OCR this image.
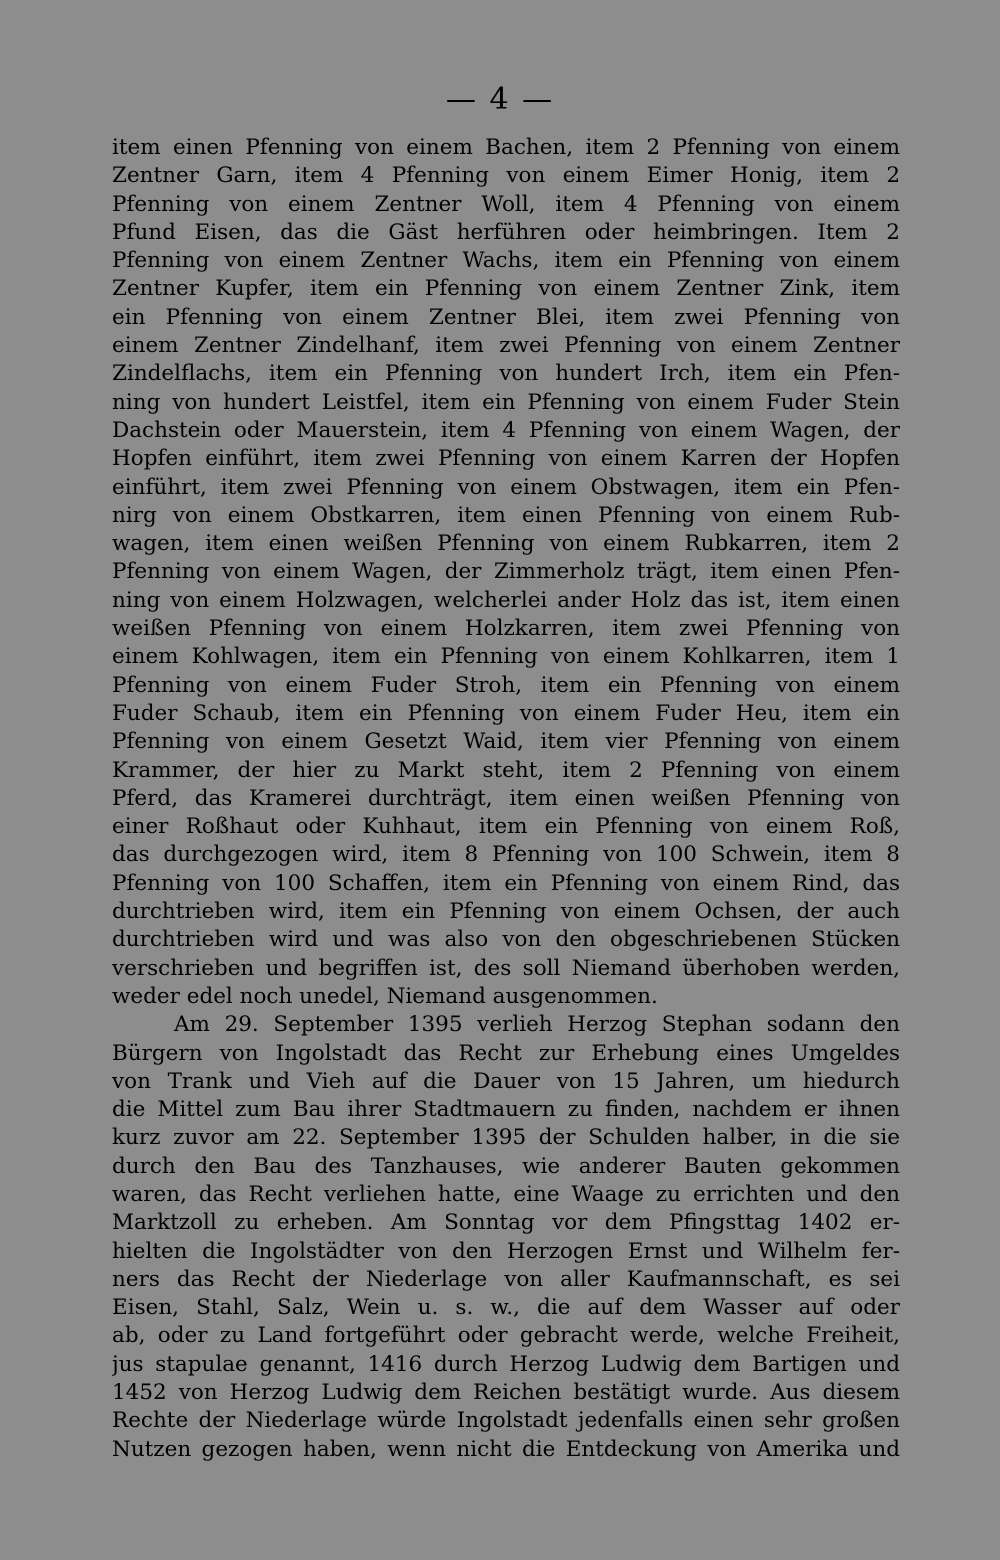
— 4 —
item einen Pfenning von einem Bachen, item 2 Pfenning von einem
Zentner Garn, item 4 Pfenning von einem Eimer Honig, item 2
Pfenning von einem Zentner Woll, item 4 Pfenning von einem
Pfund Eisen, das die Gäst herführen oder heimbringen. Item 2
Pfenning von einem Zentner Wachs, item ein Pfenning von einem
Zentner Kupfer, item ein Pfenning von einem Zentner Zink, item
ein Pfenning von einem Zentner Blei, item zwei Pfenning von
einem Zentner Zindelhanf, item zwei Pfenning von einem Zentner
Zindelflachs, item ein Pfenning von hundert Irch, item ein Pfen-
ning von hundert Leistfel, item ein Pfenning von einem Fuder Stein
Dachstein oder Mauerstein, item 4 Pfenning von einem Wagen, der
Hopfen einführt, item zwei Pfenning von einem Karren der Hopfen
einführt, item zwei Pfenning von einem Obstwagen, item ein Pfen-
nirg von einem Obstkarren, item einen Pfenning von einem Rub-
wagen, item einen weißen Pfenning von einem Rubkarren, item 2
Pfenning von einem Wagen, der Zimmerholz trägt, item einen Pfen-
ning von einem Holzwagen, welcherlei ander Holz das ist, item einen
weißen Pfenning von einem Holzkarren, item zwei Pfenning von
einem Kohlwagen, item ein Pfenning von einem Kohlkarren, item 1
Pfenning von einem Fuder Stroh, item ein Pfenning von einem
Fuder Schaub, item ein Pfenning von einem Fuder Heu, item ein
Pfenning von einem Gesetzt Waid, item vier Pfenning von einem
Krammer, der hier zu Markt steht, item 2 Pfenning von einem
Pferd, das Kramerei durchträgt, item einen weißen Pfenning von
einer Roßhaut oder Kuhhaut, item ein Pfenning von einem Roß,
das durchgezogen wird, item 8 Pfenning von 100 Schwein, item 8
Pfenning von 100 Schaffen, item ein Pfenning von einem Rind, das
durchtrieben wird, item ein Pfenning von einem Ochsen, der auch
durchtrieben wird und was also von den obgeschriebenen Stücken
verschrieben und begriffen ist, des soll Niemand überhoben werden,
weder edel noch unedel, Niemand ausgenommen.
Am 29. September 1395 verlieh Herzog Stephan sodann den
Bürgern von Ingolstadt das Recht zur Erhebung eines Umgeldes
von Trank und Vieh auf die Dauer von 15 Jahren, um hiedurch
die Mittel zum Bau ihrer Stadtmauern zu finden, nachdem er ihnen
kurz zuvor am 22. September 1395 der Schulden halber, in die sie
durch den Bau des Tanzhauses, wie anderer Bauten gekommen
waren, das Recht verliehen hatte, eine Waage zu errichten und den
Marktzoll zu erheben. Am Sonntag vor dem Pfingsttag 1402 er-
hielten die Ingolstädter von den Herzogen Ernst und Wilhelm fer-
ners das Recht der Niederlage von aller Kaufmannschaft, es sei
Eisen, Stahl, Salz, Wein u. s. w., die auf dem Wasser auf oder
ab, oder zu Land fortgeführt oder gebracht werde, welche Freiheit,
jus stapulae genannt, 1416 durch Herzog Ludwig dem Bartigen und
1452 von Herzog Ludwig dem Reichen bestätigt wurde. Aus diesem
Rechte der Niederlage würde Ingolstadt jedenfalls einen sehr großen
Nutzen gezogen haben, wenn nicht die Entdeckung von Amerika und
